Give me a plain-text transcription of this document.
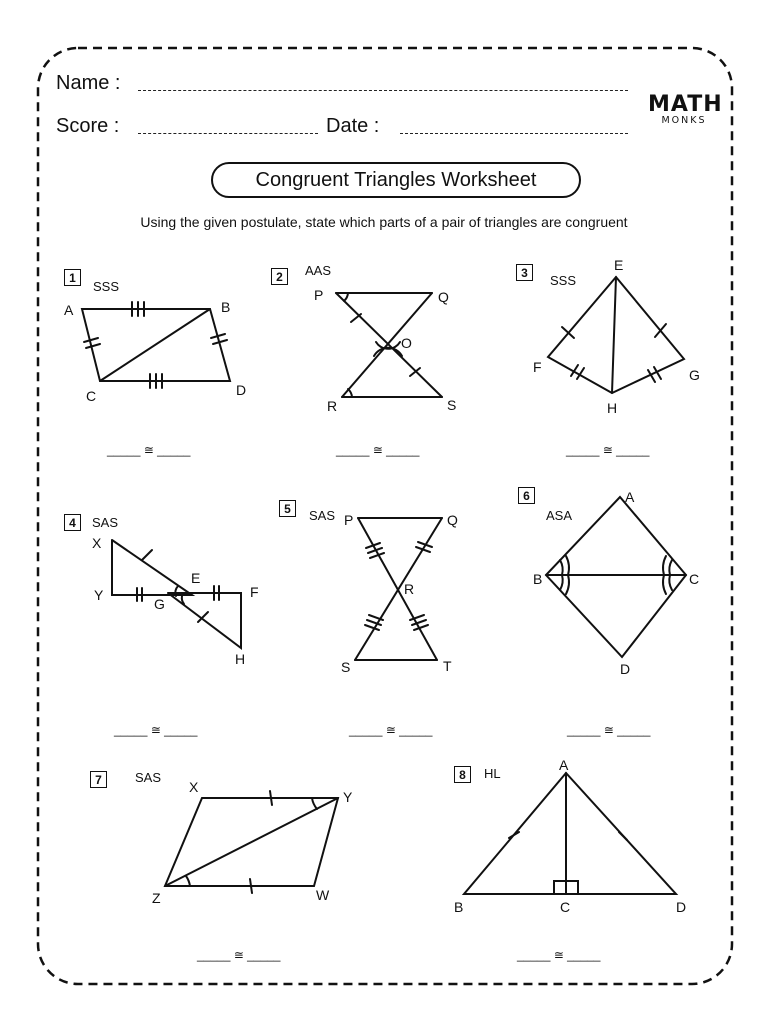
Name :
Score :	Date :
MATH
MONKS
Congruent Triangles Worksheet
Using the given postulate, state which parts of a pair of triangles are congruent
1
SSS
2	AAS	3	SSS
4	SAS
5	SAS
6
ASA
7	SAS	8	HL
_____ ≅ _____	_____ ≅ _____	_____ ≅ _____
_____ ≅ _____	_____ ≅ _____	_____ ≅ _____
_____ ≅ _____	_____ ≅ _____
A	B
C	D
P	Q
O
R	S
E
F	G
H
X
Y
E
G
F
H
P	Q
R
S	T
A
B	C
D
X
Y
Z	W
A
B	C	D
